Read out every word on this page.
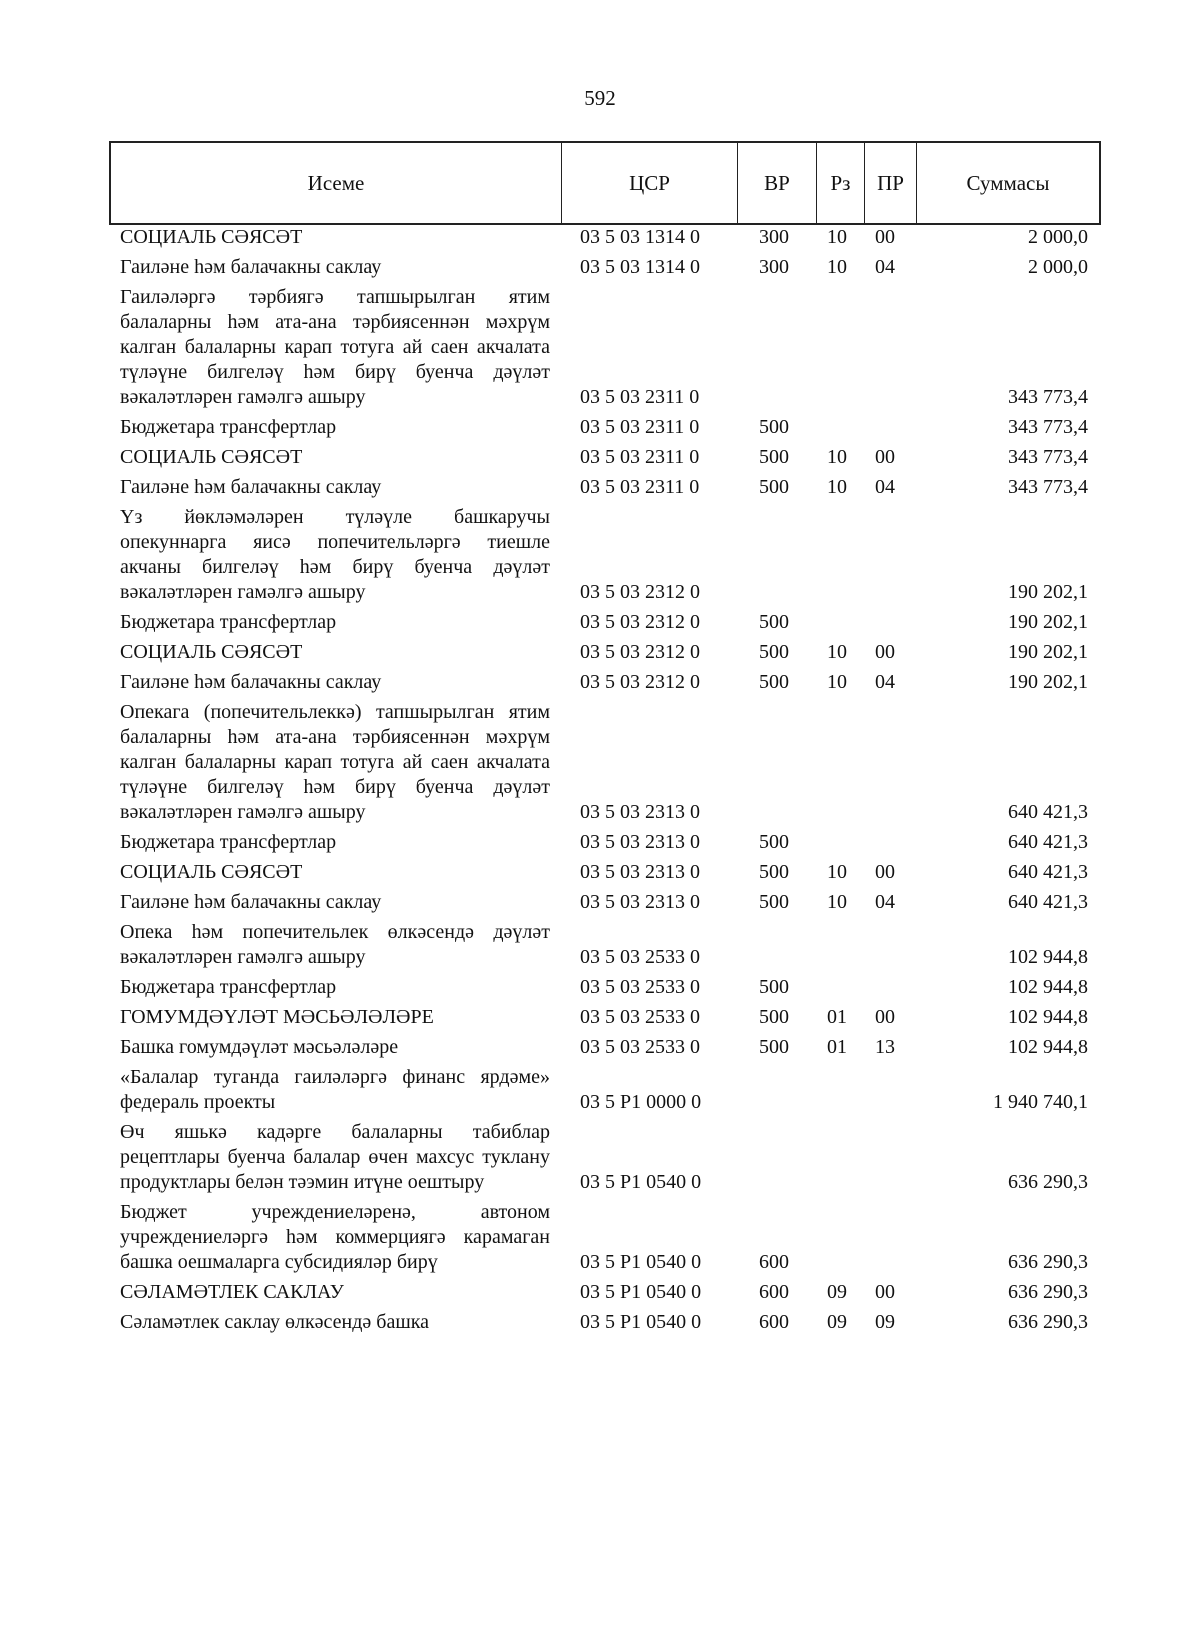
592
Исеме	ЦСР	ВР	Рз	ПР	Суммасы
СОЦИАЛЬ СӘЯСӘТ	03 5 03 1314 0	300 10 00	2 000,0
Гаиләне һәм балачакны саклау	03 5 03 1314 0	300 10 04	2 000,0
Гаиләләргә тәрбиягә тапшырылган ятим балаларны һәм ата-ана тәрбиясеннән мәхрүм калган балаларны карап тотуга ай саен акчалата түләүне билгеләү һәм бирү буенча дәүләт вәкаләтләрен гамәлгә ашыру	03 5 03 2311 0	343 773,4
Бюджетара трансфертлар	03 5 03 2311 0	500	343 773,4
СОЦИАЛЬ СӘЯСӘТ	03 5 03 2311 0	500 10 00	343 773,4
Гаиләне һәм балачакны саклау	03 5 03 2311 0	500 10 04	343 773,4
Үз йөкләмәләрен түләүле башкаручы опекуннарга яисә попечительләргә тиешле акчаны билгеләү һәм бирү буенча дәүләт вәкаләтләрен гамәлгә ашыру	03 5 03 2312 0	190 202,1
Бюджетара трансфертлар	03 5 03 2312 0	500	190 202,1
СОЦИАЛЬ СӘЯСӘТ	03 5 03 2312 0	500 10 00	190 202,1
Гаиләне һәм балачакны саклау	03 5 03 2312 0	500 10 04	190 202,1
Опекага (попечительлеккә) тапшырылган ятим балаларны һәм ата-ана тәрбиясеннән мәхрүм калган балаларны карап тотуга ай саен акчалата түләүне билгеләү һәм бирү буенча дәүләт вәкаләтләрен гамәлгә ашыру	03 5 03 2313 0	640 421,3
Бюджетара трансфертлар	03 5 03 2313 0	500	640 421,3
СОЦИАЛЬ СӘЯСӘТ	03 5 03 2313 0	500 10 00	640 421,3
Гаиләне һәм балачакны саклау	03 5 03 2313 0	500 10 04	640 421,3
Опека һәм попечительлек өлкәсендә дәүләт вәкаләтләрен гамәлгә ашыру	03 5 03 2533 0	102 944,8
Бюджетара трансфертлар	03 5 03 2533 0	500	102 944,8
ГОМУМДӘҮЛӘТ МӘСЬӘЛӘЛӘРЕ	03 5 03 2533 0	500 01 00	102 944,8
Башка гомумдәүләт мәсьәләләре	03 5 03 2533 0	500 01 13	102 944,8
«Балалар туганда гаиләләргә финанс ярдәме» федераль проекты	03 5 P1 0000 0	1 940 740,1
Өч яшькә кадәрге балаларны табиблар рецептлары буенча балалар өчен махсус туклану продуктлары белән тәэмин итүне оештыру	03 5 P1 0540 0	636 290,3
Бюджет учреждениеләренә, автоном учреждениеләргә һәм коммерциягә карамаган башка оешмаларга субсидияләр бирү	03 5 P1 0540 0	600	636 290,3
СӘЛАМӘТЛЕК САКЛАУ	03 5 P1 0540 0	600 09 00	636 290,3
Сәламәтлек саклау өлкәсендә башка	03 5 P1 0540 0	600 09 09	636 290,3
